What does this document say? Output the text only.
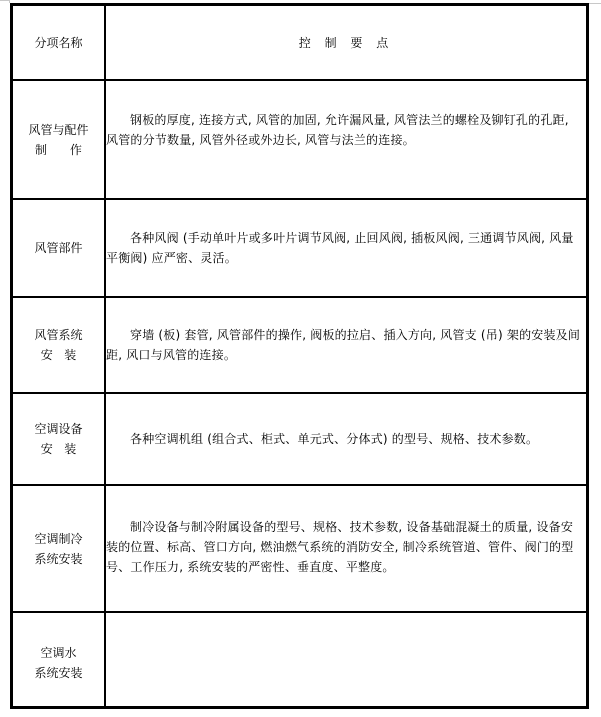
分项名称	控 制 要 点
风管与配件
制      作

钢板的厚度, 连接方式, 风管的加固, 允许漏风量, 风管法兰的螺栓及铆钉孔的孔距, 风管的分节数量, 风管外径或外边长, 风管与法兰的连接。

风管部件

各种风阀 (手动单叶片或多叶片调节风阀, 止回风阀, 插板风阀, 三通调节风阀, 风量平衡阀) 应严密、灵活。

风管系统
安   装

穿墙 (板) 套管, 风管部件的操作, 阀板的拉启、插入方向, 风管支 (吊) 架的安装及间距, 风口与风管的连接。

空调设备
安   装

各种空调机组 (组合式、柜式、单元式、分体式) 的型号、规格、技术参数。

空调制冷
系统安装

制冷设备与制冷附属设备的型号、规格、技术参数, 设备基础混凝土的质量, 设备安装的位置、标高、管口方向, 燃油燃气系统的消防安全, 制冷系统管道、管件、阀门的型号、工作压力, 系统安装的严密性、垂直度、平整度。

空调水
系统安装
